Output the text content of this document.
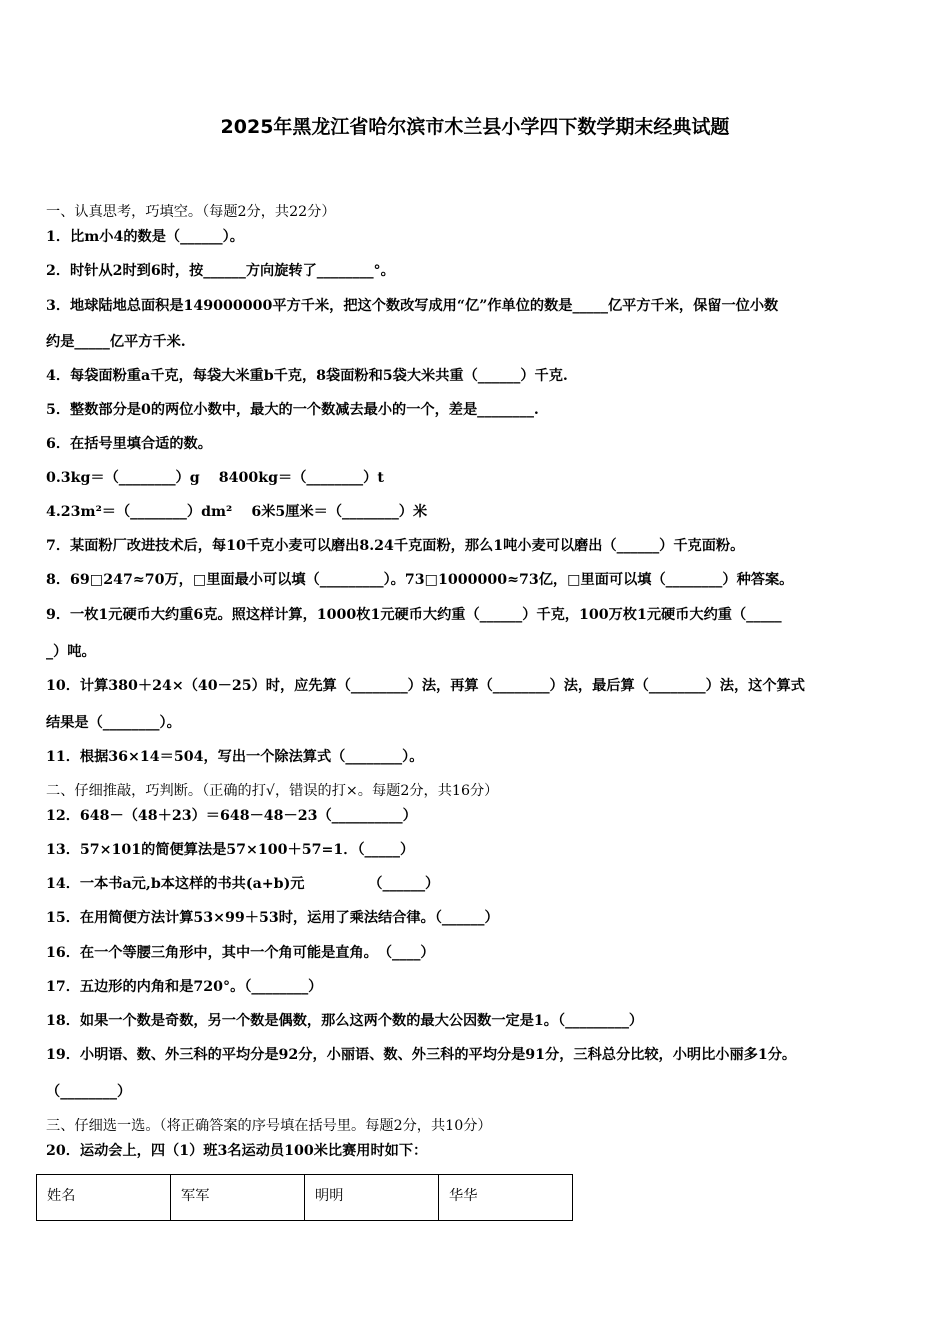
2025年黑龙江省哈尔滨市木兰县小学四下数学期末经典试题
一、认真思考，巧填空。（每题2分，共22分）
1．比m小4的数是（______）。
2．时针从2时到6时，按______方向旋转了________°。
3．地球陆地总面积是149000000平方千米，把这个数改写成用“亿”作单位的数是_____亿平方千米，保留一位小数
约是_____亿平方千米.
4．每袋面粉重a千克，每袋大米重b千克，8袋面粉和5袋大米共重（______）千克.
5．整数部分是0的两位小数中，最大的一个数减去最小的一个，差是________.
6．在括号里填合适的数。
0.3kg＝（________）g　 8400kg＝（________）t
4.23m²＝（________）dm²　 6米5厘米＝（________）米
7．某面粉厂改进技术后，每10千克小麦可以磨出8.24千克面粉，那么1吨小麦可以磨出（______）千克面粉。
8．69□247≈70万，□里面最小可以填（_________）。73□1000000≈73亿，□里面可以填（________）种答案。
9．一枚1元硬币大约重6克。照这样计算，1000枚1元硬币大约重（______）千克，100万枚1元硬币大约重（_____
_）吨。
10．计算380＋24×（40－25）时，应先算（________）法，再算（________）法，最后算（________）法，这个算式
结果是（________）。
11．根据36×14＝504，写出一个除法算式（________）。
二、仔细推敲，巧判断。（正确的打√，错误的打×。每题2分，共16分）
12．648－（48＋23）＝648－48－23（__________）
13．57×101的简便算法是57×100＋57=1．（_____）
14．一本书a元,b本这样的书共(a+b)元　　　　　（______）
15．在用简便方法计算53×99＋53时，运用了乘法结合律。（______）
16．在一个等腰三角形中，其中一个角可能是直角。　（____）
17．五边形的内角和是720°。（________）
18．如果一个数是奇数，另一个数是偶数，那么这两个数的最大公因数一定是1。（_________）
19．小明语、数、外三科的平均分是92分，小丽语、数、外三科的平均分是91分，三科总分比较，小明比小丽多1分。
（________）
三、仔细选一选。（将正确答案的序号填在括号里。每题2分，共10分）
20．运动会上，四（1）班3名运动员100米比赛用时如下：
姓名	军军	明明	华华
